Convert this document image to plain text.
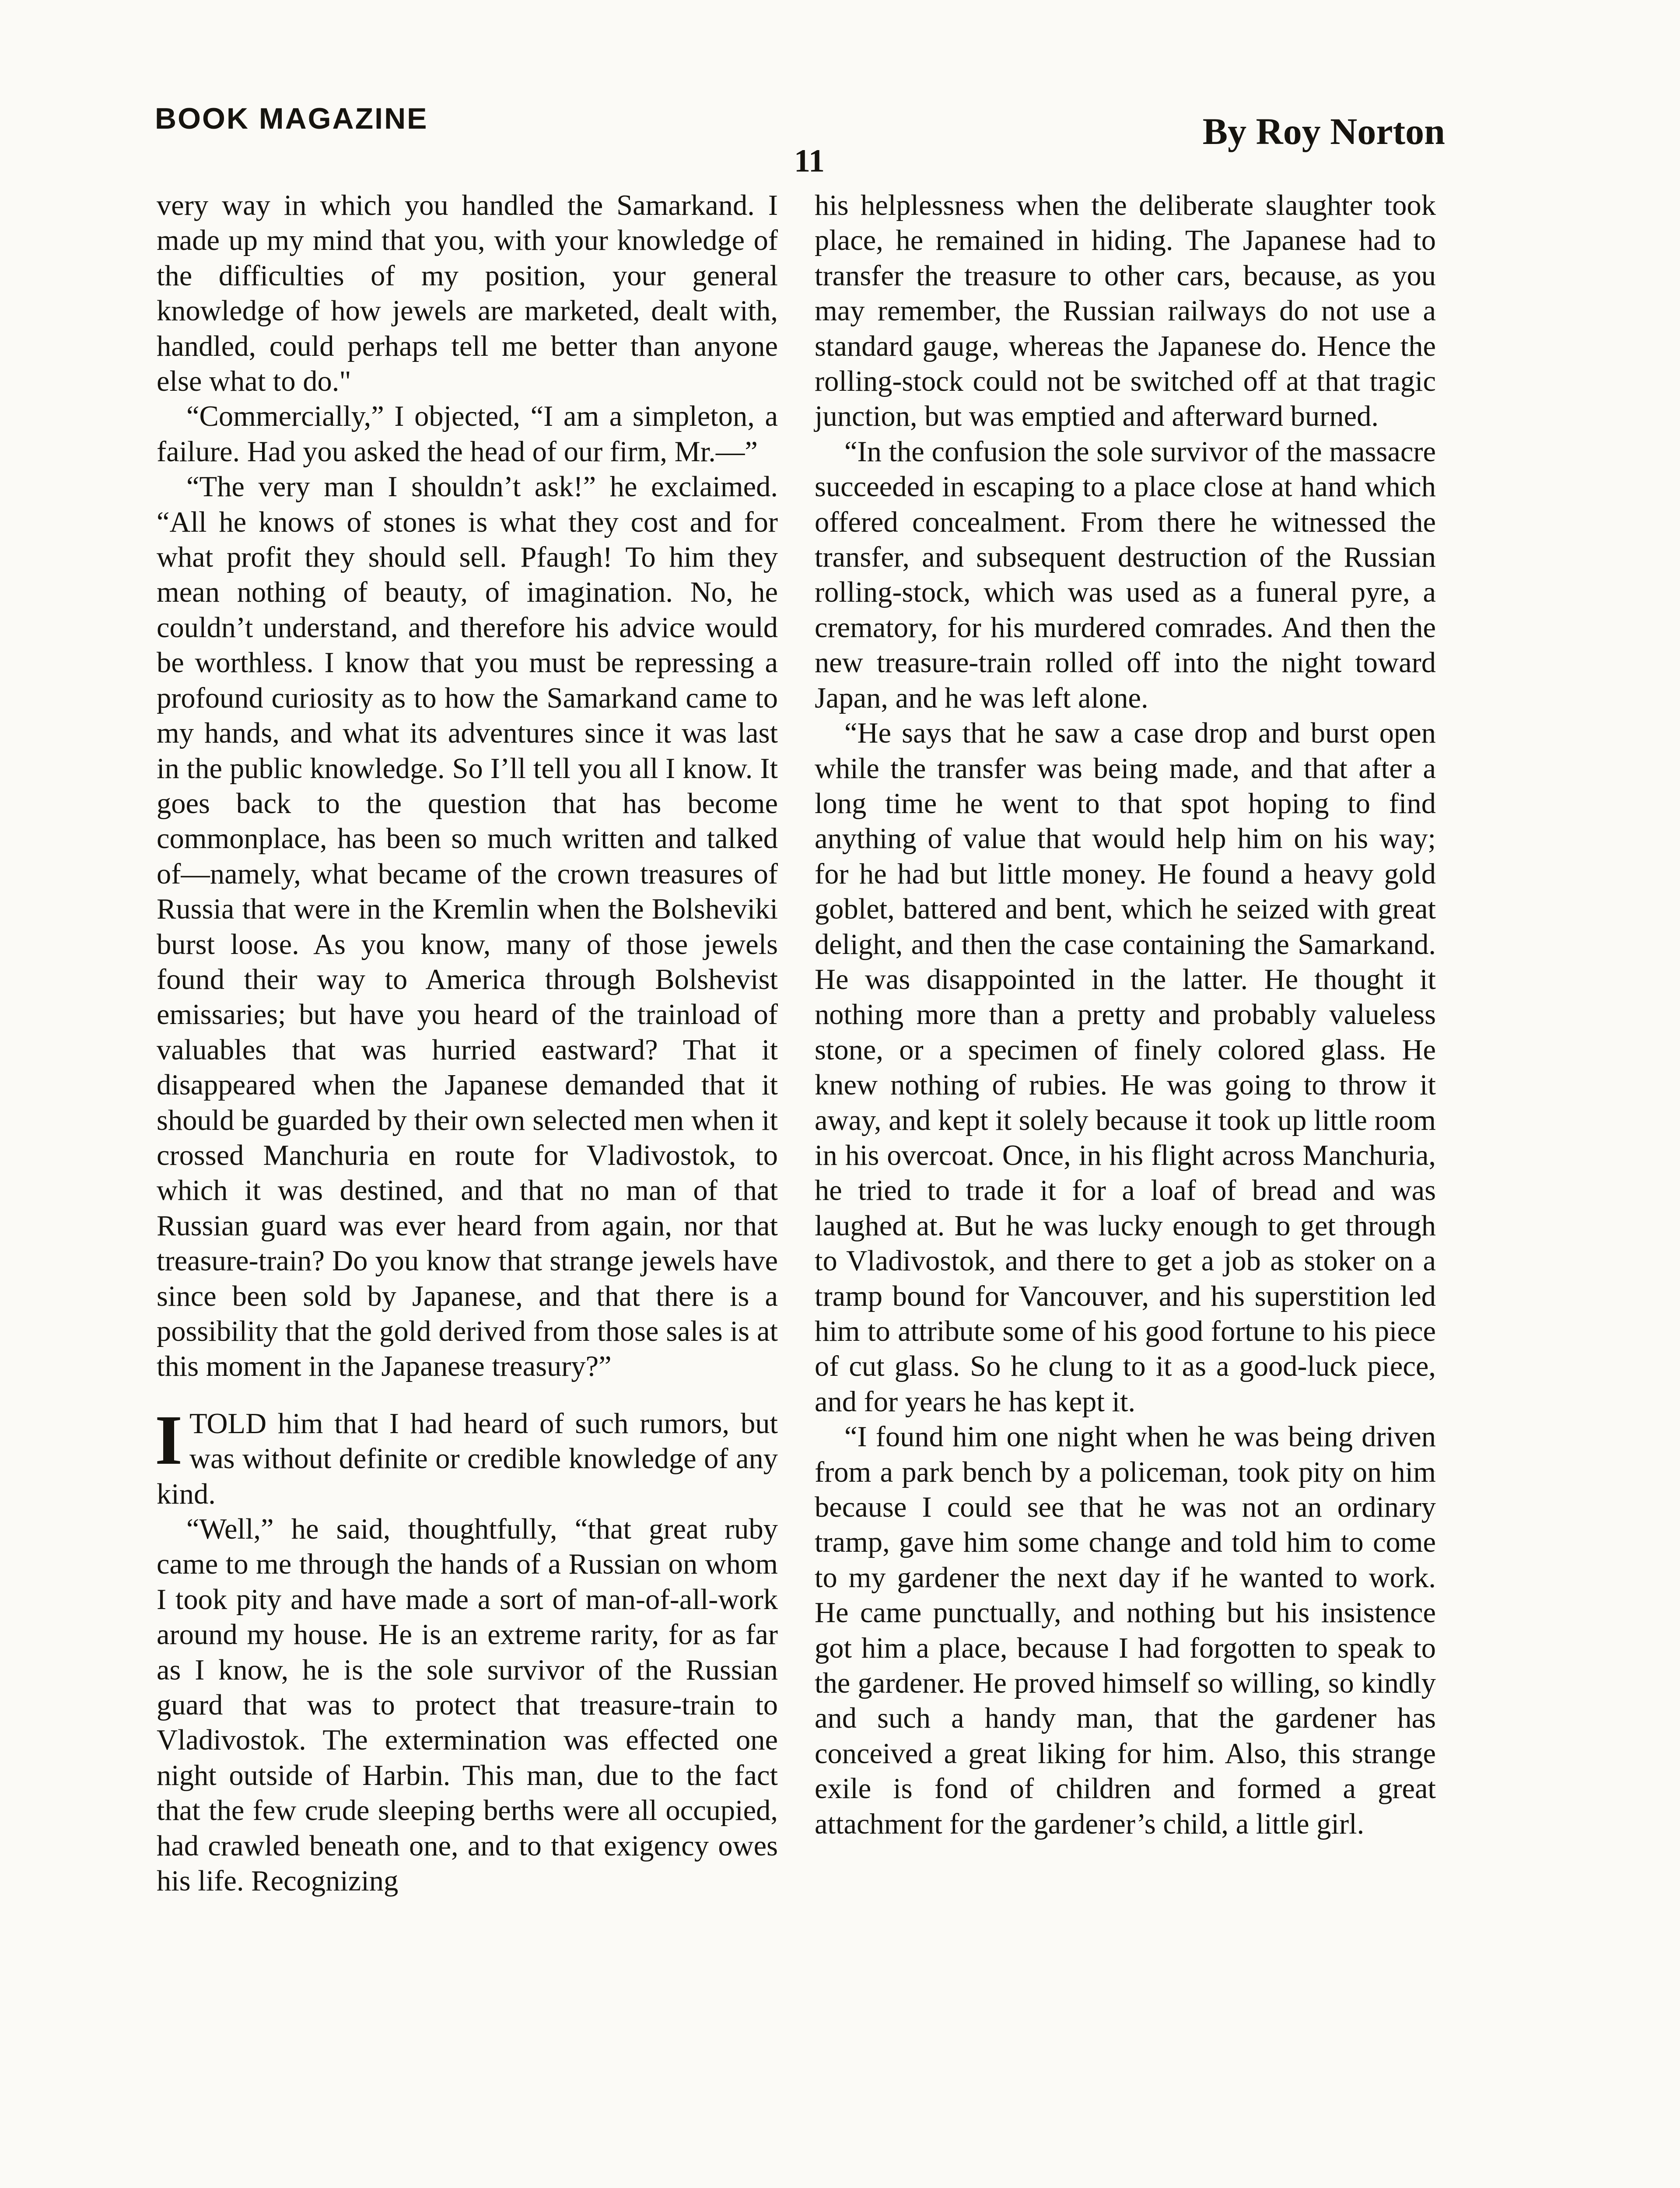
BOOK MAGAZINE	By Roy Norton
11

very way in which you handled the Samarkand. I made up my mind that you, with your knowledge of the difficulties of my position, your general knowledge of how jewels are marketed, dealt with, handled, could perhaps tell me better than anyone else what to do."

“Commercially,” I objected, “I am a simpleton, a failure. Had you asked the head of our firm, Mr.—”

“The very man I shouldn’t ask!” he exclaimed. “All he knows of stones is what they cost and for what profit they should sell. Pfaugh! To him they mean nothing of beauty, of imagination. No, he couldn’t understand, and therefore his advice would be worthless. I know that you must be repressing a profound curiosity as to how the Samarkand came to my hands, and what its adventures since it was last in the public knowledge. So I’ll tell you all I know. It goes back to the question that has become commonplace, has been so much written and talked of—namely, what became of the crown treasures of Russia that were in the Kremlin when the Bolsheviki burst loose. As you know, many of those jewels found their way to America through Bolshevist emissaries; but have you heard of the trainload of valuables that was hurried eastward? That it disappeared when the Japanese demanded that it should be guarded by their own selected men when it crossed Manchuria en route for Vladivostok, to which it was destined, and that no man of that Russian guard was ever heard from again, nor that treasure-train? Do you know that strange jewels have since been sold by Japanese, and that there is a possibility that the gold derived from those sales is at this moment in the Japanese treasury?”

ITOLD him that I had heard of such rumors, but was without definite or credible knowledge of any kind.

“Well,” he said, thoughtfully, “that great ruby came to me through the hands of a Russian on whom I took pity and have made a sort of man-of-all-work around my house. He is an extreme rarity, for as far as I know, he is the sole survivor of the Russian guard that was to protect that treasure-train to Vladivostok. The extermination was effected one night outside of Harbin. This man, due to the fact that the few crude sleeping berths were all occupied, had crawled beneath one, and to that exigency owes his life. Recognizing

his helplessness when the deliberate slaughter took place, he remained in hiding. The Japanese had to transfer the treasure to other cars, because, as you may remember, the Russian railways do not use a standard gauge, whereas the Japanese do. Hence the rolling-stock could not be switched off at that tragic junction, but was emptied and afterward burned.

“In the confusion the sole survivor of the massacre succeeded in escaping to a place close at hand which offered concealment. From there he witnessed the transfer, and subsequent destruction of the Russian rolling-stock, which was used as a funeral pyre, a crematory, for his murdered comrades. And then the new treasure-train rolled off into the night toward Japan, and he was left alone.

“He says that he saw a case drop and burst open while the transfer was being made, and that after a long time he went to that spot hoping to find anything of value that would help him on his way; for he had but little money. He found a heavy gold goblet, battered and bent, which he seized with great delight, and then the case containing the Samarkand. He was disappointed in the latter. He thought it nothing more than a pretty and probably valueless stone, or a specimen of finely colored glass. He knew nothing of rubies. He was going to throw it away, and kept it solely because it took up little room in his overcoat. Once, in his flight across Manchuria, he tried to trade it for a loaf of bread and was laughed at. But he was lucky enough to get through to Vladivostok, and there to get a job as stoker on a tramp bound for Vancouver, and his superstition led him to attribute some of his good fortune to his piece of cut glass. So he clung to it as a good-luck piece, and for years he has kept it.

“I found him one night when he was being driven from a park bench by a policeman, took pity on him because I could see that he was not an ordinary tramp, gave him some change and told him to come to my gardener the next day if he wanted to work. He came punctually, and nothing but his insistence got him a place, because I had forgotten to speak to the gardener. He proved himself so willing, so kindly and such a handy man, that the gardener has conceived a great liking for him. Also, this strange exile is fond of children and formed a great attachment for the gardener’s child, a little girl.
